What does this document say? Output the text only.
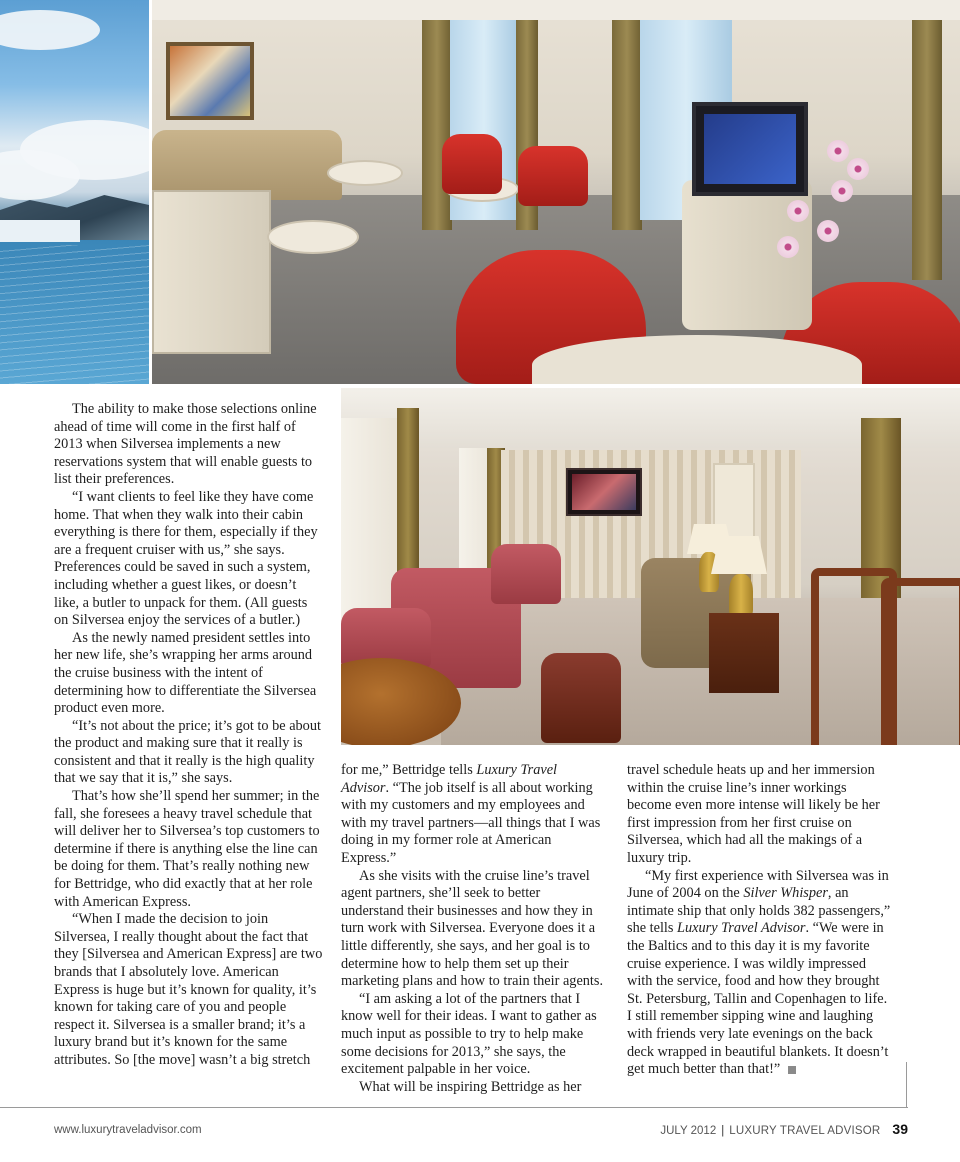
The ability to make those selections online ahead of time will come in the first half of 2013 when Silversea implements a new reservations system that will enable guests to list their preferences.

“I want clients to feel like they have come home. That when they walk into their cabin everything is there for them, especially if they are a frequent cruiser with us,” she says. Preferences could be saved in such a system, including whether a guest likes, or doesn’t like, a butler to unpack for them. (All guests on Silversea enjoy the services of a butler.)

As the newly named president settles into her new life, she’s wrapping her arms around the cruise business with the intent of determining how to differentiate the Silversea product even more.

“It’s not about the price; it’s got to be about the product and making sure that it really is consistent and that it really is the high quality that we say that it is,” she says.

That’s how she’ll spend her summer; in the fall, she foresees a heavy travel schedule that will deliver her to Silversea’s top customers to determine if there is anything else the line can be doing for them. That’s really nothing new for Bettridge, who did exactly that at her role with American Express.

“When I made the decision to join Silversea, I really thought about the fact that they [Silversea and American Express] are two brands that I absolutely love. American Express is huge but it’s known for quality, it’s known for taking care of you and people respect it. Silversea is a smaller brand; it’s a luxury brand but it’s known for the same attributes. So [the move] wasn’t a big stretch

for me,” Bettridge tells Luxury Travel Advisor. “The job itself is all about working with my customers and my employees and with my travel partners—all things that I was doing in my former role at American Express.”

As she visits with the cruise line’s travel agent partners, she’ll seek to better understand their businesses and how they in turn work with Silversea. Everyone does it a little differently, she says, and her goal is to determine how to help them set up their marketing plans and how to train their agents.

“I am asking a lot of the partners that I know well for their ideas. I want to gather as much input as possible to try to help make some decisions for 2013,” she says, the excitement palpable in her voice.

What will be inspiring Bettridge as her

travel schedule heats up and her immersion within the cruise line’s inner workings become even more intense will likely be her first impression from her first cruise on Silversea, which had all the makings of a luxury trip.

“My first experience with Silversea was in June of 2004 on the Silver Whisper, an intimate ship that only holds 382 passengers,” she tells Luxury Travel Advisor. “We were in the Baltics and to this day it is my favorite cruise experience. I was wildly impressed with the service, food and how they brought St. Petersburg, Tallin and Copenhagen to life. I still remember sipping wine and laughing with friends very late evenings on the back deck wrapped in beautiful blankets. It doesn’t get much better than that!”

www.luxurytraveladvisor.com	JULY 2012 | LUXURY TRAVEL ADVISOR 39
